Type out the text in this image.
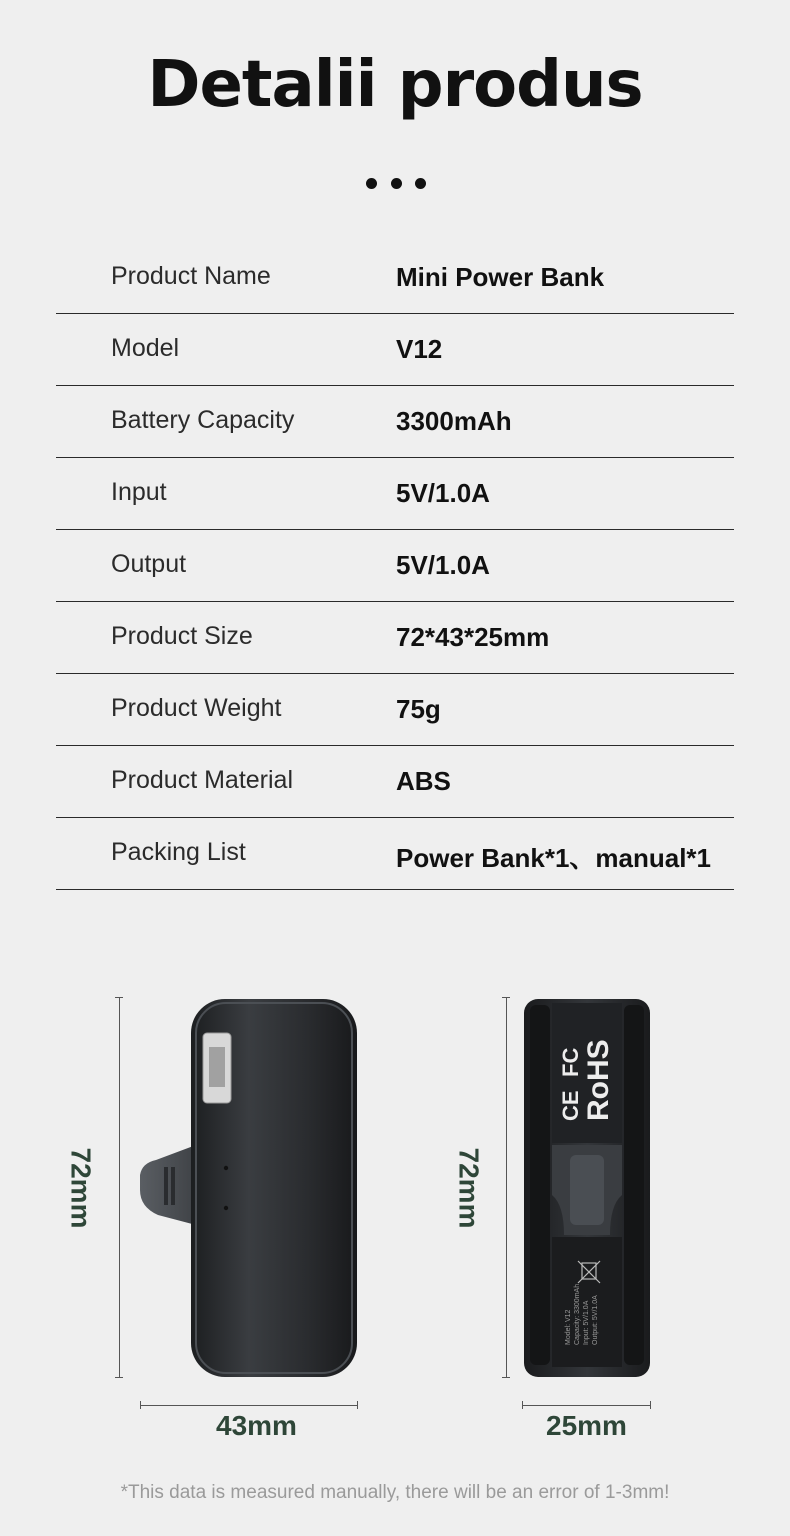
Detalii produs
Product Name	Mini Power Bank
Model	V12
Battery Capacity	3300mAh
Input	5V/1.0A
Output	5V/1.0A
Product Size	72*43*25mm
Product Weight	75g
Product Material	ABS
Packing List	Power Bank*1、manual*1
72mm
43mm
72mm
25mm
CE
FC RoHS
Model: V12 Capacity: 3300mAh Input: 5V/1.0A Output: 5V/1.0A
*This data is measured manually, there will be an error of 1-3mm!
